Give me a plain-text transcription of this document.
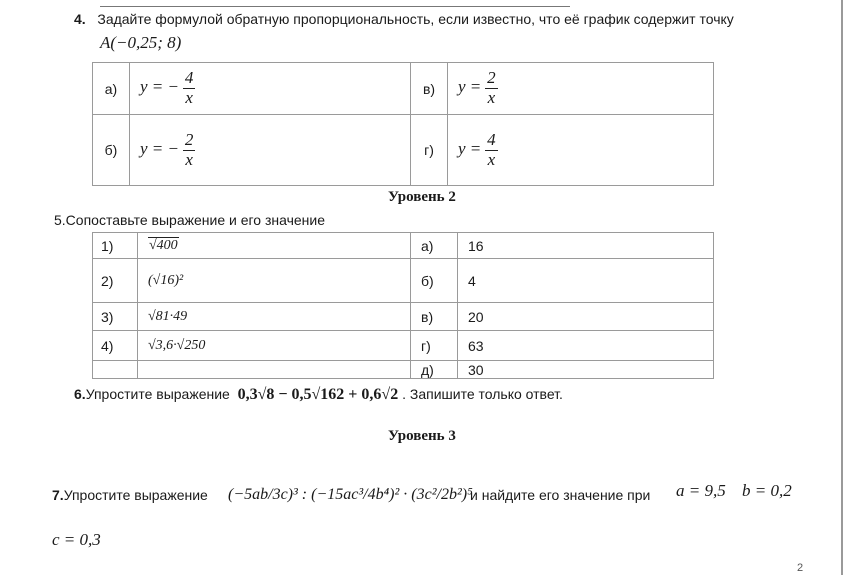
4. Задайте формулой обратную пропорциональность, если известно, что её график содержит точку
A(−0,25; 8)
а)	y = − $\frac{4}{x}$	в)	$y = \frac{2}{x}$

б)	y = − $\frac{2}{x}$	г)	$y = \frac{4}{x}$
Уровень 2
5.Сопоставьте выражение и его значение
1)	√400	а)	16
2)	(√16)²	б)	4
3)	√81·49	в)	20
4)	√3,6·√250	г)	63
		д)	30
6.Упростите выражение 0,3√8 − 0,5√162 + 0,6√2 . Запишите только ответ.
Уровень 3
7.Упростите выражение (−5ab/3c)³ : (−15ac³/4b⁴)² · (3c²/2b²)⁵
и найдите его значение при a = 9,5 b = 0,2
c = 0,3
2
